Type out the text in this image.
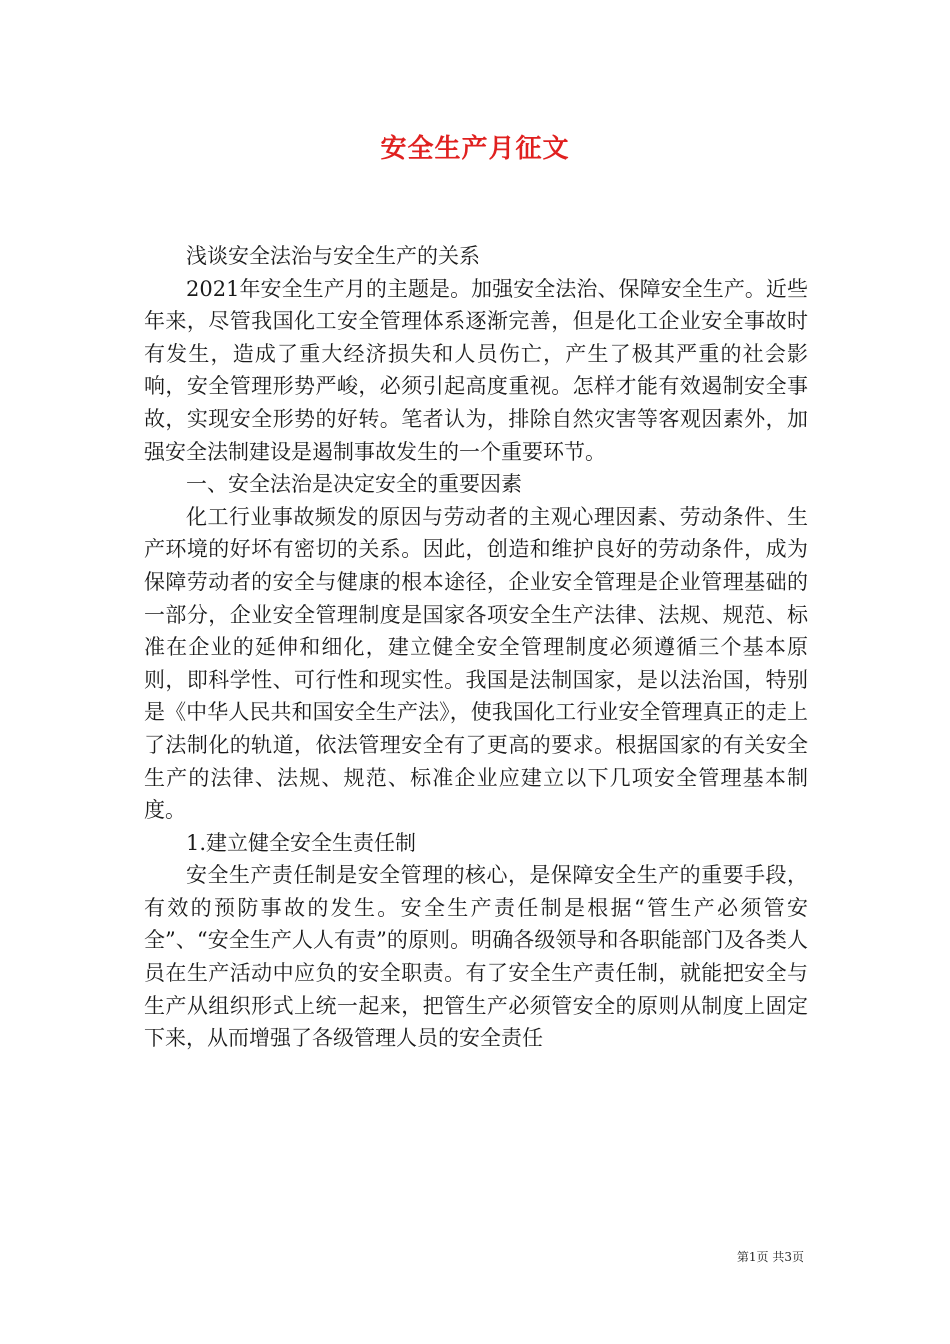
安全生产月征文

浅谈安全法治与安全生产的关系

2021年安全生产月的主题是。加强安全法治、保障安全生产。近些年来，尽管我国化工安全管理体系逐渐完善，但是化工企业安全事故时有发生，造成了重大经济损失和人员伤亡，产生了极其严重的社会影响，安全管理形势严峻，必须引起高度重视。怎样才能有效遏制安全事故，实现安全形势的好转。笔者认为，排除自然灾害等客观因素外，加强安全法制建设是遏制事故发生的一个重要环节。

一、安全法治是决定安全的重要因素

化工行业事故频发的原因与劳动者的主观心理因素、劳动条件、生产环境的好坏有密切的关系。因此，创造和维护良好的劳动条件，成为保障劳动者的安全与健康的根本途径，企业安全管理是企业管理基础的一部分，企业安全管理制度是国家各项安全生产法律、法规、规范、标准在企业的延伸和细化，建立健全安全管理制度必须遵循三个基本原则，即科学性、可行性和现实性。我国是法制国家，是以法治国，特别是《中华人民共和国安全生产法》，使我国化工行业安全管理真正的走上了法制化的轨道，依法管理安全有了更高的要求。根据国家的有关安全生产的法律、法规、规范、标准企业应建立以下几项安全管理基本制度。

1.建立健全安全生责任制

安全生产责任制是安全管理的核心，是保障安全生产的重要手段，有效的预防事故的发生。安全生产责任制是根据“管生产必须管安全”、“安全生产人人有责”的原则。明确各级领导和各职能部门及各类人员在生产活动中应负的安全职责。有了安全生产责任制，就能把安全与生产从组织形式上统一起来，把管生产必须管安全的原则从制度上固定下来，从而增强了各级管理人员的安全责任

第1页 共3页
